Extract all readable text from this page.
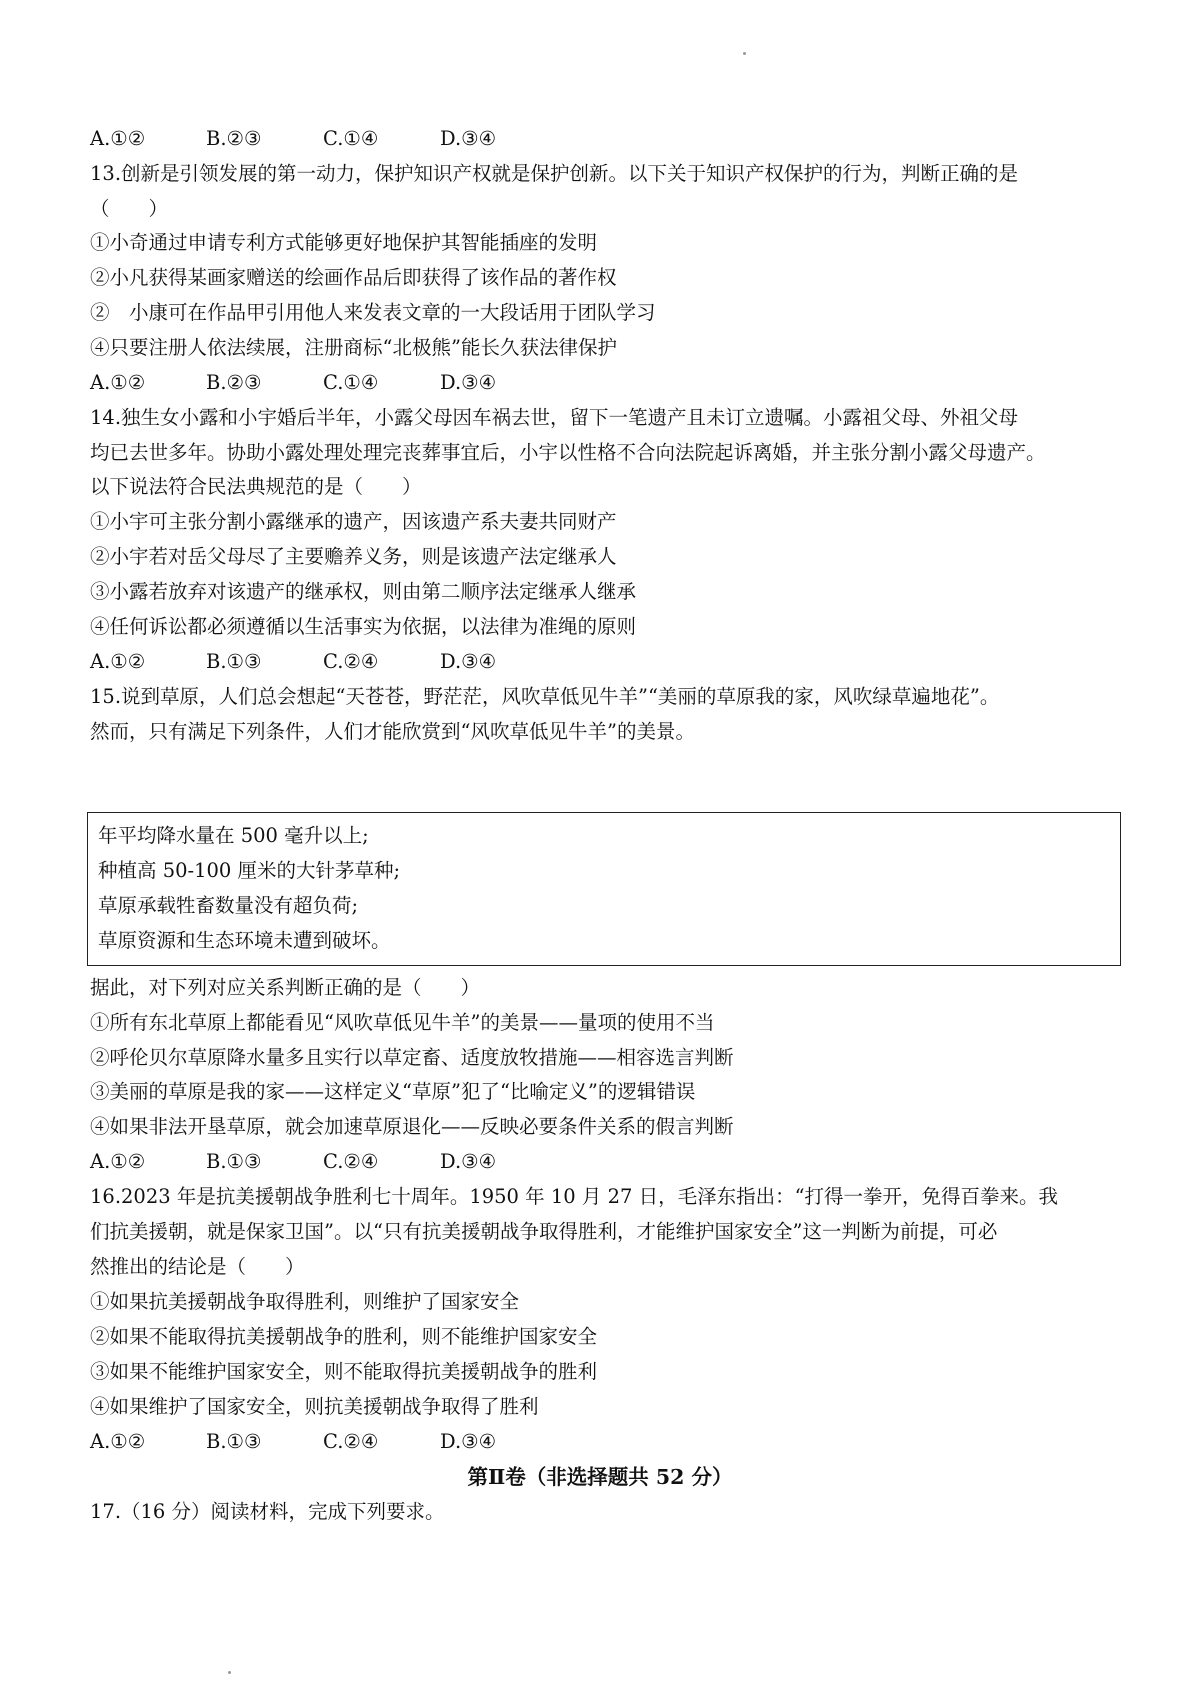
A.①②	B.②③	C.①④	D.③④
13.创新是引领发展的第一动力，保护知识产权就是保护创新。以下关于知识产权保护的行为，判断正确的是
（　　）
①小奇通过申请专利方式能够更好地保护其智能插座的发明
②小凡获得某画家赠送的绘画作品后即获得了该作品的著作权
②　小康可在作品甲引用他人来发表文章的一大段话用于团队学习
④只要注册人依法续展，注册商标“北极熊”能长久获法律保护
A.①②	B.②③	C.①④	D.③④
14.独生女小露和小宇婚后半年，小露父母因车祸去世，留下一笔遗产且未订立遗嘱。小露祖父母、外祖父母
均已去世多年。协助小露处理处理完丧葬事宜后，小宇以性格不合向法院起诉离婚，并主张分割小露父母遗产。
以下说法符合民法典规范的是（　　）
①小宇可主张分割小露继承的遗产，因该遗产系夫妻共同财产
②小宇若对岳父母尽了主要赡养义务，则是该遗产法定继承人
③小露若放弃对该遗产的继承权，则由第二顺序法定继承人继承
④任何诉讼都必须遵循以生活事实为依据，以法律为准绳的原则
A.①②	B.①③	C.②④	D.③④
15.说到草原，人们总会想起“天苍苍，野茫茫，风吹草低见牛羊”“美丽的草原我的家，风吹绿草遍地花”。
然而，只有满足下列条件，人们才能欣赏到“风吹草低见牛羊”的美景。
年平均降水量在 500 毫升以上;
种植高 50-100 厘米的大针茅草种;
草原承载牲畜数量没有超负荷;
草原资源和生态环境未遭到破坏。
据此，对下列对应关系判断正确的是（　　）
①所有东北草原上都能看见“风吹草低见牛羊”的美景——量项的使用不当
②呼伦贝尔草原降水量多且实行以草定畜、适度放牧措施——相容选言判断
③美丽的草原是我的家——这样定义“草原”犯了“比喻定义”的逻辑错误
④如果非法开垦草原，就会加速草原退化——反映必要条件关系的假言判断
A.①②	B.①③	C.②④	D.③④
16.2023 年是抗美援朝战争胜利七十周年。1950 年 10 月 27 日，毛泽东指出：“打得一拳开，免得百拳来。我
们抗美援朝，就是保家卫国”。以“只有抗美援朝战争取得胜利，才能维护国家安全”这一判断为前提，可必
然推出的结论是（　　）
①如果抗美援朝战争取得胜利，则维护了国家安全
②如果不能取得抗美援朝战争的胜利，则不能维护国家安全
③如果不能维护国家安全，则不能取得抗美援朝战争的胜利
④如果维护了国家安全，则抗美援朝战争取得了胜利
A.①②	B.①③	C.②④	D.③④
第Ⅱ卷（非选择题共 52 分）
17.（16 分）阅读材料，完成下列要求。
